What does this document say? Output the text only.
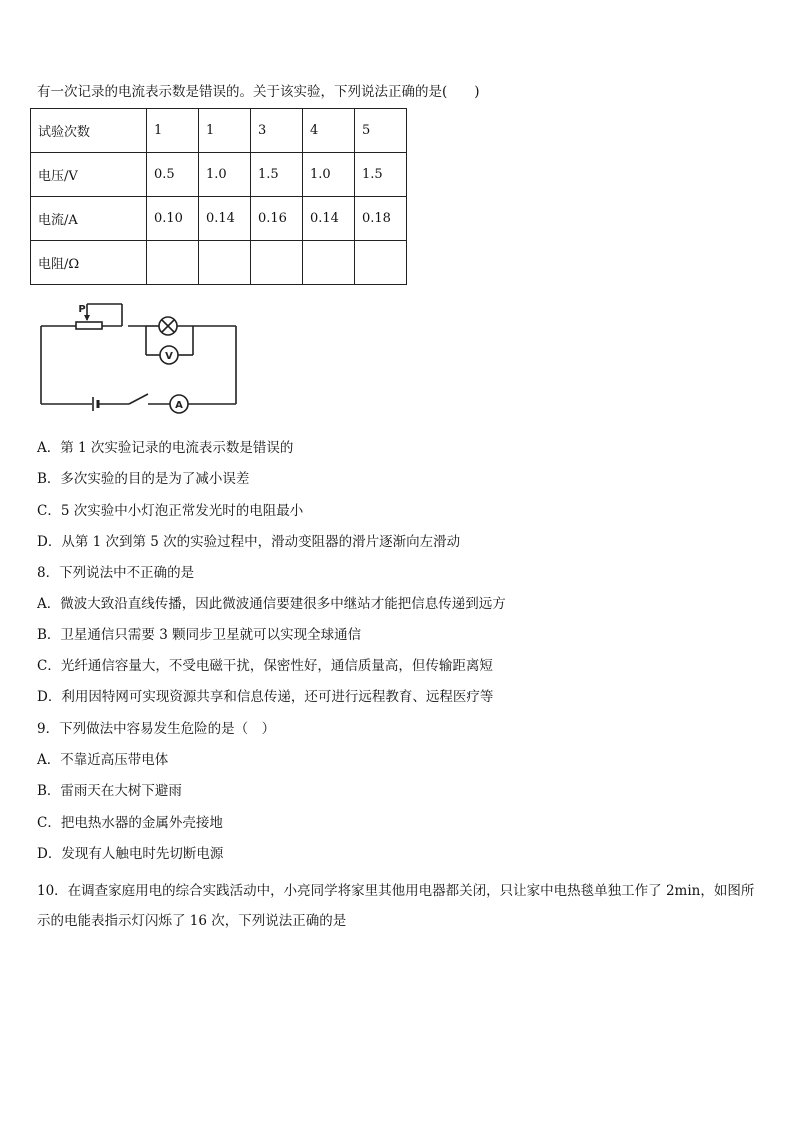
有一次记录的电流表示数是错误的。关于该实验，下列说法正确的是(　　)
试验次数	1	1	3	4	5
电压/V	0.5	1.0	1.5	1.0	1.5
电流/A	0.10	0.14	0.16	0.14	0.18
电阻/Ω					
P
V
A
A．第 1 次实验记录的电流表示数是错误的
B．多次实验的目的是为了减小误差
C．5 次实验中小灯泡正常发光时的电阻最小
D．从第 1 次到第 5 次的实验过程中，滑动变阻器的滑片逐渐向左滑动
8．下列说法中不正确的是
A．微波大致沿直线传播，因此微波通信要建很多中继站才能把信息传递到远方
B．卫星通信只需要 3 颗同步卫星就可以实现全球通信
C．光纤通信容量大，不受电磁干扰，保密性好，通信质量高，但传输距离短
D．利用因特网可实现资源共享和信息传递，还可进行远程教育、远程医疗等
9．下列做法中容易发生危险的是（　）
A．不靠近高压带电体
B．雷雨天在大树下避雨
C．把电热水器的金属外壳接地
D．发现有人触电时先切断电源
10．在调查家庭用电的综合实践活动中，小亮同学将家里其他用电器都关闭，只让家中电热毯单独工作了 2min，如图所示的电能表指示灯闪烁了 16 次，下列说法正确的是
